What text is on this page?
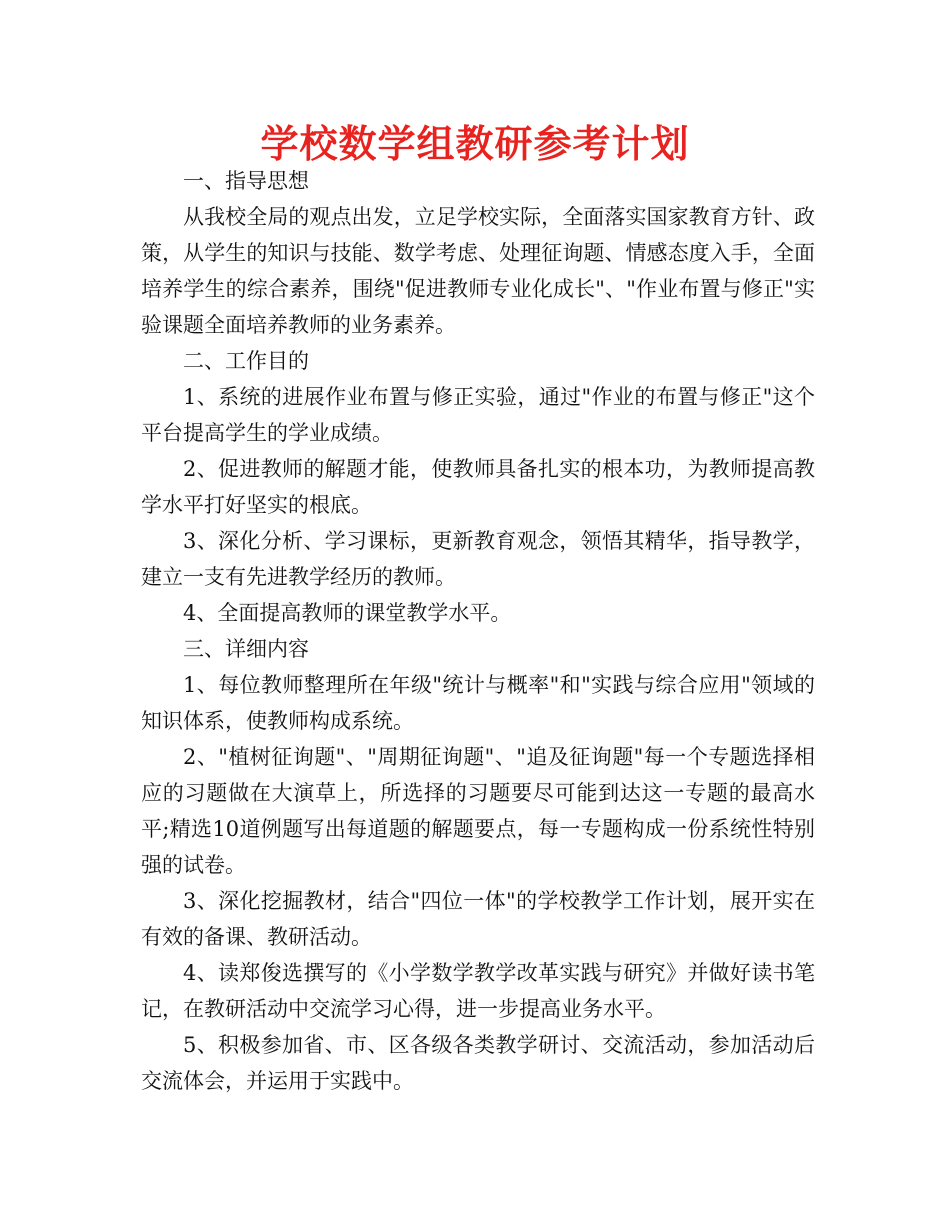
学校数学组教研参考计划

一、指导思想

从我校全局的观点出发，立足学校实际，全面落实国家教育方针、政策，从学生的知识与技能、数学考虑、处理征询题、情感态度入手，全面培养学生的综合素养，围绕"促进教师专业化成长"、"作业布置与修正"实验课题全面培养教师的业务素养。

二、工作目的

1、系统的进展作业布置与修正实验，通过"作业的布置与修正"这个平台提高学生的学业成绩。

2、促进教师的解题才能，使教师具备扎实的根本功，为教师提高教学水平打好坚实的根底。

3、深化分析、学习课标，更新教育观念，领悟其精华，指导教学，建立一支有先进教学经历的教师。

4、全面提高教师的课堂教学水平。

三、详细内容

1、每位教师整理所在年级"统计与概率"和"实践与综合应用"领域的知识体系，使教师构成系统。

2、"植树征询题"、"周期征询题"、"追及征询题"每一个专题选择相应的习题做在大演草上，所选择的习题要尽可能到达这一专题的最高水平;精选10道例题写出每道题的解题要点，每一专题构成一份系统性特别强的试卷。

3、深化挖掘教材，结合"四位一体"的学校教学工作计划，展开实在有效的备课、教研活动。

4、读郑俊选撰写的《小学数学教学改革实践与研究》并做好读书笔记，在教研活动中交流学习心得，进一步提高业务水平。

5、积极参加省、市、区各级各类教学研讨、交流活动，参加活动后交流体会，并运用于实践中。
